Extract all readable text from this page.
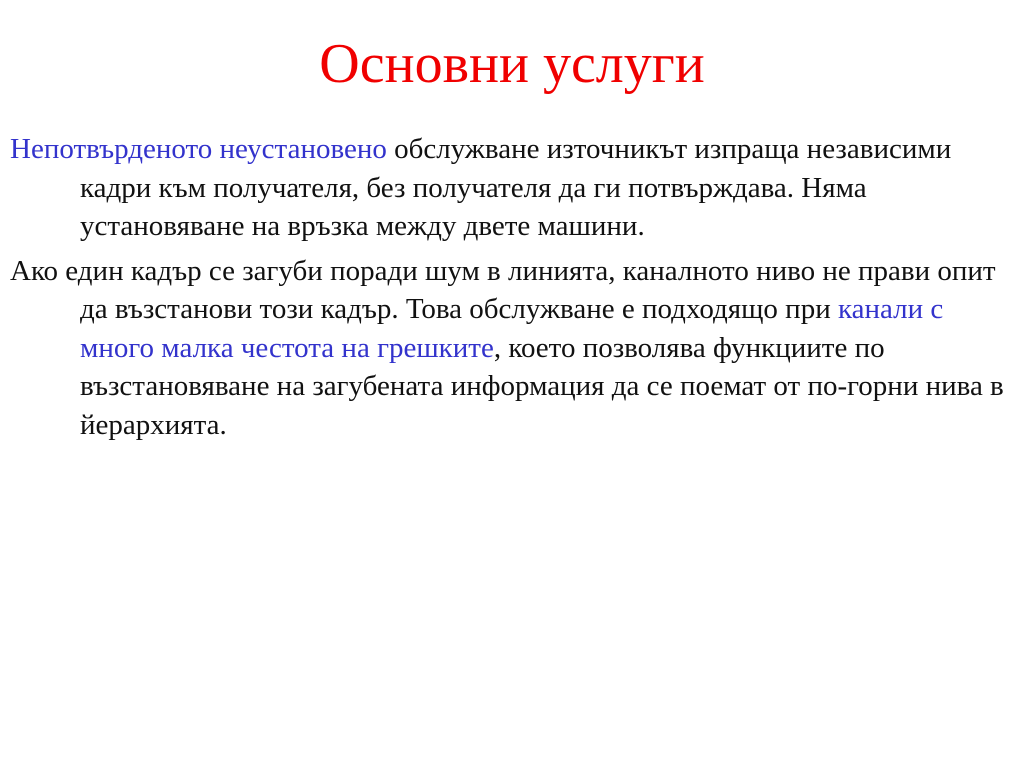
Основни услуги

Непотвърденото неустановено обслужване източникът изпраща независими кадри към получателя, без получателя да ги потвърждава. Няма установяване на връзка между двете машини.

Ако един кадър се загуби поради шум в линията, каналното ниво не прави опит да възстанови този кадър. Това обслужване е подходящо при канали с много малка честота на грешките, което позволява функциите по възстановяване на загубената информация да се поемат от по-горни нива в йерархията.
